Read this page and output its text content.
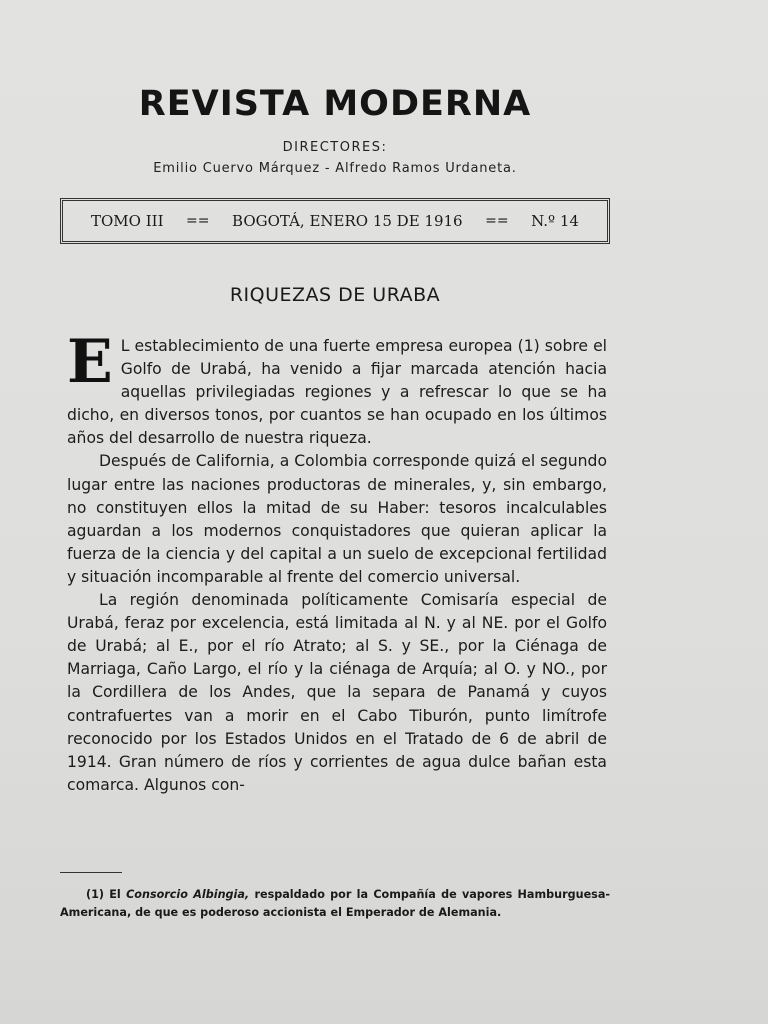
REVISTA MODERNA
DIRECTORES:
Emilio Cuervo Márquez - Alfredo Ramos Urdaneta.
TOMO III == BOGOTÁ, ENERO 15 DE 1916 == N.º 14
RIQUEZAS DE URABA

E L establecimiento de una fuerte empresa europea (1) sobre el Golfo de Urabá, ha venido a fijar marcada atención hacia aquellas privilegiadas regiones y a refrescar lo que se ha dicho, en diversos tonos, por cuantos se han ocupado en los últimos años del desarrollo de nuestra riqueza.

Después de California, a Colombia corresponde quizá el segundo lugar entre las naciones productoras de minerales, y, sin embargo, no constituyen ellos la mitad de su Haber: tesoros incalculables aguardan a los modernos conquistadores que quieran aplicar la fuerza de la ciencia y del capital a un suelo de excepcional fertilidad y situación incomparable al frente del comercio universal.

La región denominada políticamente Comisaría especial de Urabá, feraz por excelencia, está limitada al N. y al NE. por el Golfo de Urabá; al E., por el río Atrato; al S. y SE., por la Ciénaga de Marriaga, Caño Largo, el río y la ciénaga de Arquía; al O. y NO., por la Cordillera de los Andes, que la separa de Panamá y cuyos contrafuertes van a morir en el Cabo Tiburón, punto limítrofe reconocido por los Estados Unidos en el Tratado de 6 de abril de 1914. Gran número de ríos y corrientes de agua dulce bañan esta comarca. Algunos con-

(1) El Consorcio Albingia, respaldado por la Compañía de vapores Hamburguesa-Americana, de que es poderoso accionista el Emperador de Alemania.
